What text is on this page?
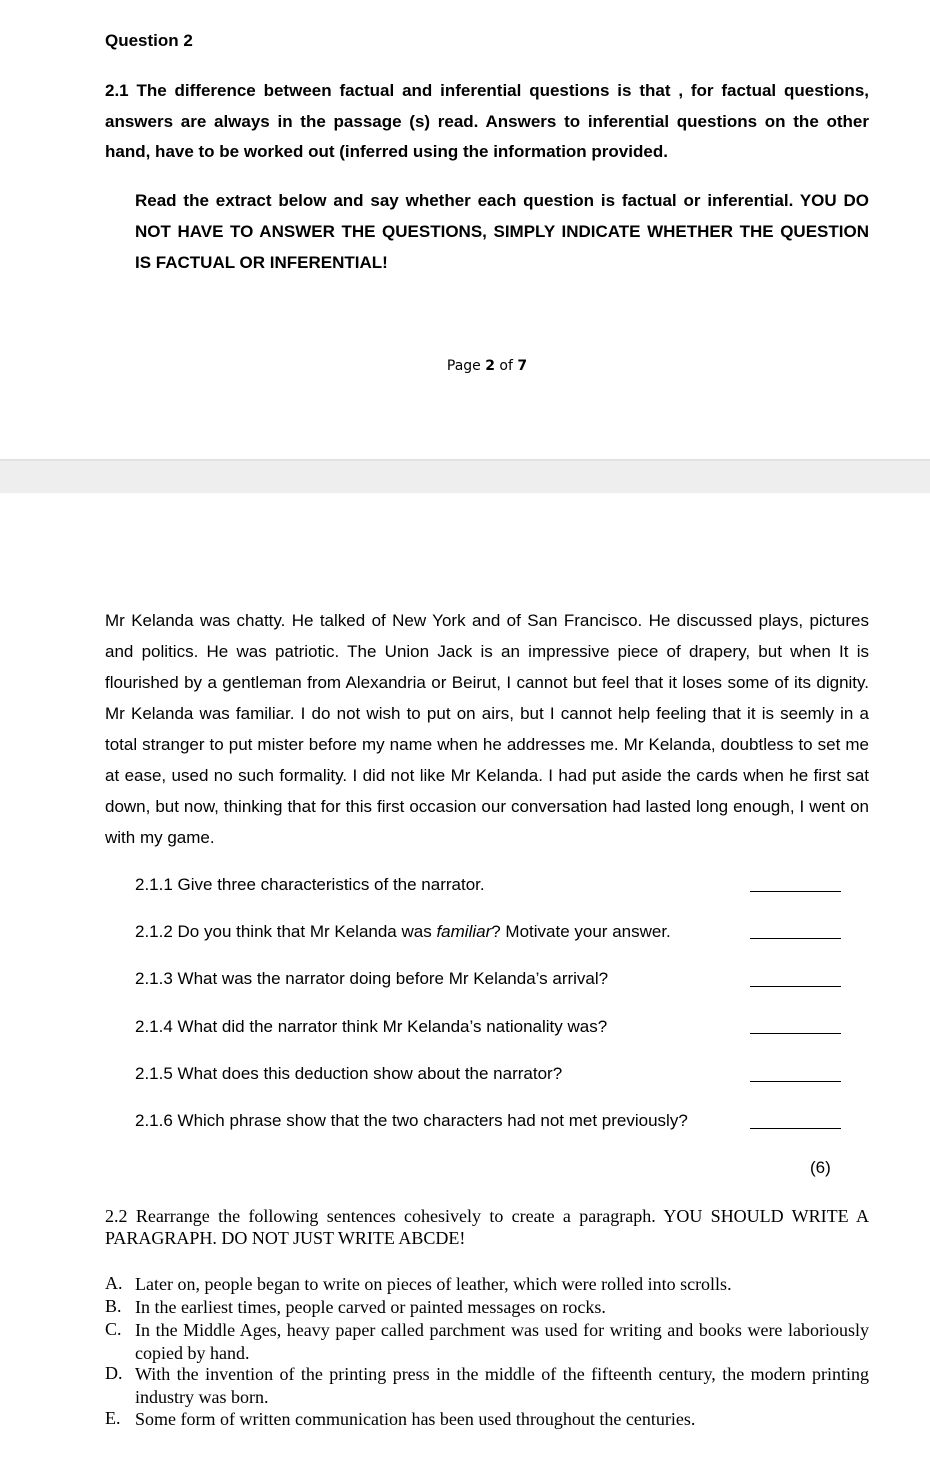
Question 2
2.1 The difference between factual and inferential questions is that , for factual questions, answers are always in the passage (s) read. Answers to inferential questions on the other hand, have to be worked out (inferred using the information provided.
Read the extract below and say whether each question is factual or inferential. YOU DO NOT HAVE TO ANSWER THE QUESTIONS, SIMPLY INDICATE WHETHER THE QUESTION IS FACTUAL OR INFERENTIAL!
Page 2 of 7
Mr Kelanda was chatty. He talked of New York and of San Francisco. He discussed plays, pictures and politics. He was patriotic. The Union Jack is an impressive piece of drapery, but when It is flourished by a gentleman from Alexandria or Beirut, I cannot but feel that it loses some of its dignity. Mr Kelanda was familiar. I do not wish to put on airs, but I cannot help feeling that it is seemly in a total stranger to put mister before my name when he addresses me. Mr Kelanda, doubtless to set me at ease, used no such formality. I did not like Mr Kelanda. I had put aside the cards when he first sat down, but now, thinking that for this first occasion our conversation had lasted long enough, I went on with my game.
2.1.1 Give three characteristics of the narrator.
2.1.2 Do you think that Mr Kelanda was familiar? Motivate your answer.
2.1.3 What was the narrator doing before Mr Kelanda’s arrival?
2.1.4 What did the narrator think Mr Kelanda’s nationality was?
2.1.5 What does this deduction show about the narrator?
2.1.6 Which phrase show that the two characters had not met previously?
(6)
2.2 Rearrange the following sentences cohesively to create a paragraph. YOU SHOULD WRITE A PARAGRAPH. DO NOT JUST WRITE ABCDE!
A. Later on, people began to write on pieces of leather, which were rolled into scrolls.
B. In the earliest times, people carved or painted messages on rocks.
C. In the Middle Ages, heavy paper called parchment was used for writing and books were laboriously copied by hand.
D. With the invention of the printing press in the middle of the fifteenth century, the modern printing industry was born.
E. Some form of written communication has been used throughout the centuries.
